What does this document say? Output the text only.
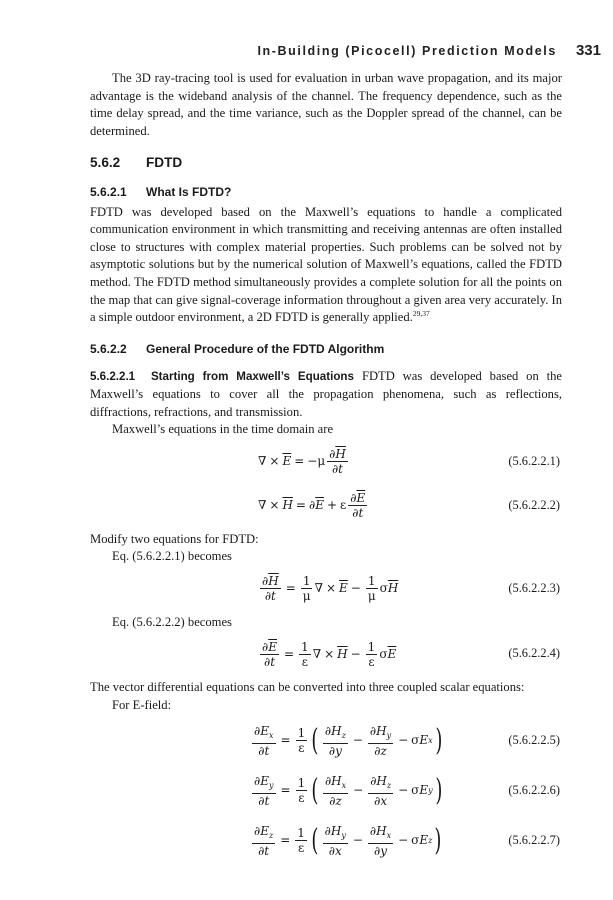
In-Building (Picocell) Prediction Models 331

The 3D ray-tracing tool is used for evaluation in urban wave propagation, and its major advantage is the wideband analysis of the channel. The frequency dependence, such as the time delay spread, and the time variance, such as the Doppler spread of the channel, can be determined.

5.6.2 FDTD
5.6.2.1 What Is FDTD?

FDTD was developed based on the Maxwell’s equations to handle a complicated communication environment in which transmitting and receiving antennas are often installed close to structures with complex material properties. Such problems can be solved not by asymptotic solutions but by the numerical solution of Maxwell’s equations, called the FDTD method. The FDTD method simultaneously provides a complete solution for all the points on the map that can give signal-coverage information throughout a given area very accurately. In a simple outdoor environment, a 2D FDTD is generally applied.$^{29,37}$

5.6.2.2 General Procedure of the FDTD Algorithm

5.6.2.2.1 Starting from Maxwell’s Equations FDTD was developed based on the Maxwell’s equations to cover all the propagation phenomena, such as reflections, diffractions, refractions, and transmission.

Maxwell’s equations in the time domain are

∇ × $\overline{E} = -\mu \frac{\partial\overline{H}}{\partial t}$	(5.6.2.2.1)
∇ × $\overline{H}$ = ∂ $\overline{E} + \varepsilon \frac{\partial\overline{E}}{\partial t}$	(5.6.2.2.2)

Modify two equations for FDTD:

Eq. (5.6.2.2.1) becomes

$\frac{\partial\overline{H}}{\partial t} = \frac{1}{\mu}$ ∇ × $\overline{E} - \frac{1}{\mu}$ σ $\overline{H}$	(5.6.2.2.3)

Eq. (5.6.2.2.2) becomes

$\frac{\partial\overline{E}}{\partial t} = \frac{1}{\varepsilon}$ ∇ × $\overline{H} - \frac{1}{\varepsilon}$ σ $\overline{E}$	(5.6.2.2.4)

The vector differential equations can be converted into three coupled scalar equations:

For E-field:

$\frac{\partial E_x}{\partial t} = \frac{1}{\varepsilon}$ ( $\frac{\partial H_z}{\partial y} - \frac{\partial H_y}{\partial z} - \sigma$ E x )	(5.6.2.2.5)
$\frac{\partial E_y}{\partial t} = \frac{1}{\varepsilon}$ ( $\frac{\partial H_x}{\partial z} - \frac{\partial H_z}{\partial x} - \sigma$ E y )	(5.6.2.2.6)
$\frac{\partial E_z}{\partial t} = \frac{1}{\varepsilon}$ ( $\frac{\partial H_y}{\partial x} - \frac{\partial H_x}{\partial y} - \sigma$ E z )	(5.6.2.2.7)
